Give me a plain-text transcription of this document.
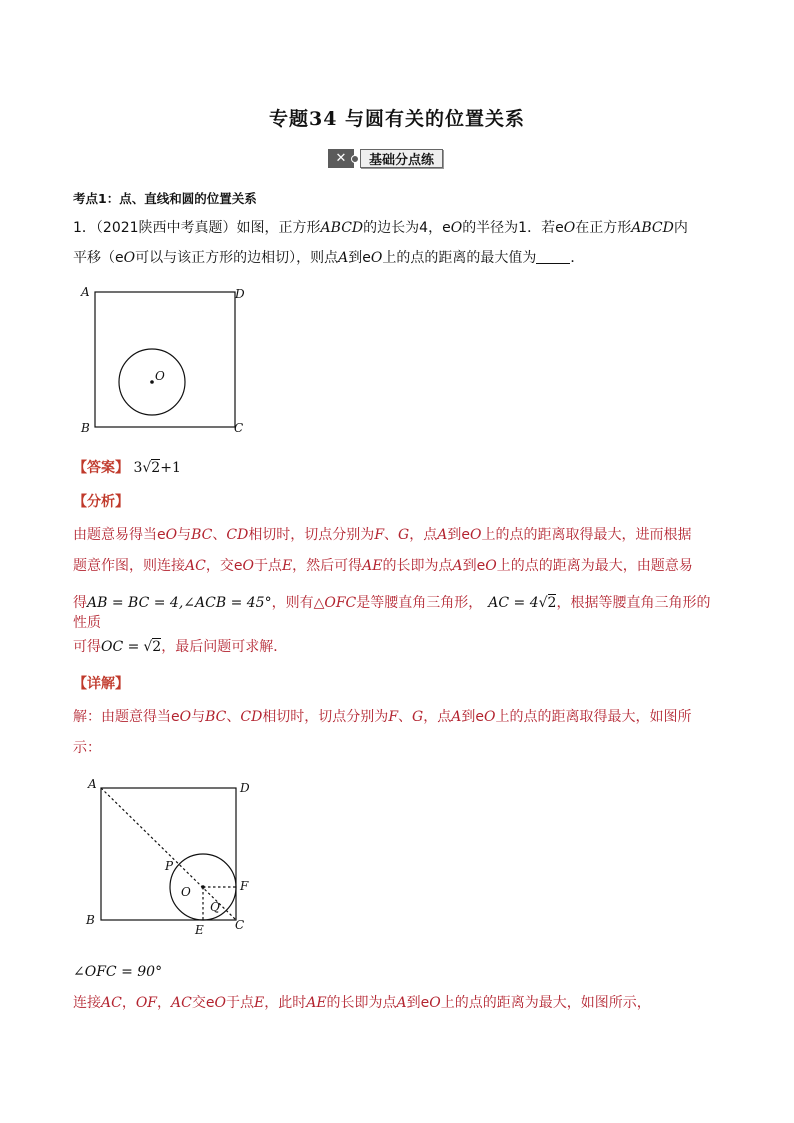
专题34 与圆有关的位置关系
✕	基础分点练
考点1：点、直线和圆的位置关系
1．（2021陕西中考真题）如图，正方形ABCD的边长为4，eO的半径为1．若eO在正方形ABCD内
平移（eO可以与该正方形的边相切），则点A到eO上的点的距离的最大值为 ．
A	D
B	C
O
【答案】 3√2+1
【分析】
由题意易得当eO与BC、CD相切时，切点分别为F、G，点A到eO上的点的距离取得最大，进而根据
题意作图，则连接AC，交eO于点E，然后可得AE的长即为点A到eO上的点的距离为最大，由题意易
得AB = BC = 4,∠ACB = 45°，则有△OFC是等腰直角三角形， AC = 4√2，根据等腰直角三角形的性质
可得OC = √2，最后问题可求解．
【详解】
解：由题意得当eO与BC、CD相切时，切点分别为F、G，点A到eO上的点的距离取得最大，如图所
示：
A	D
B	C
P
O	F
E
Q
∠OFC = 90°
连接AC，OF，AC交eO于点E，此时AE的长即为点A到eO上的点的距离为最大，如图所示，
